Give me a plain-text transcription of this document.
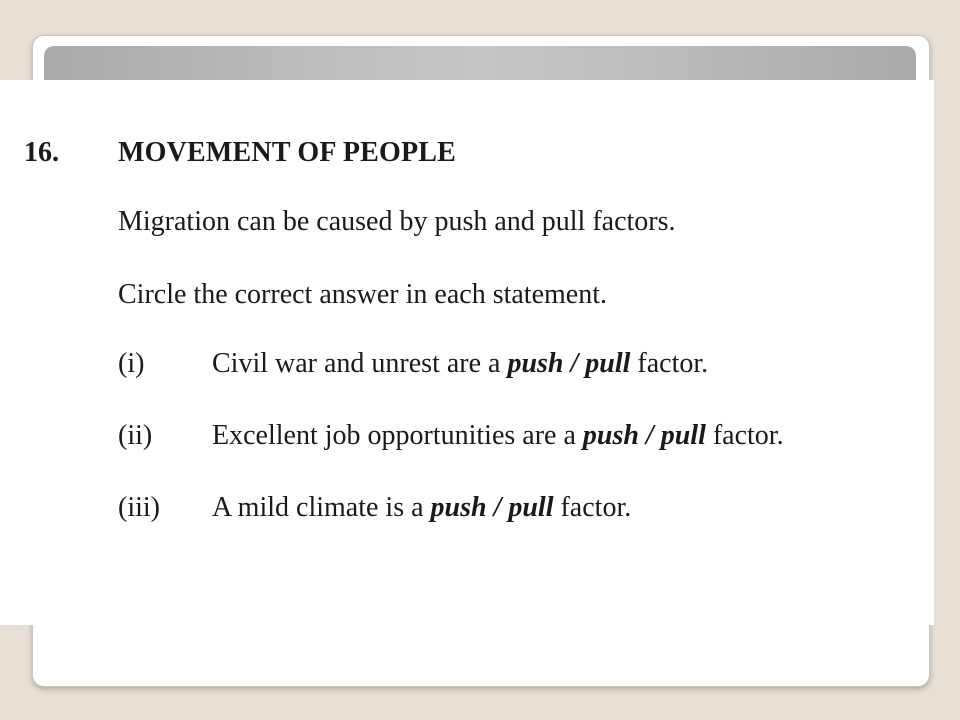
16. MOVEMENT OF PEOPLE
Migration can be caused by push and pull factors.
Circle the correct answer in each statement.
(i) Civil war and unrest are a push / pull factor.
(ii) Excellent job opportunities are a push / pull factor.
(iii) A mild climate is a push / pull factor.
